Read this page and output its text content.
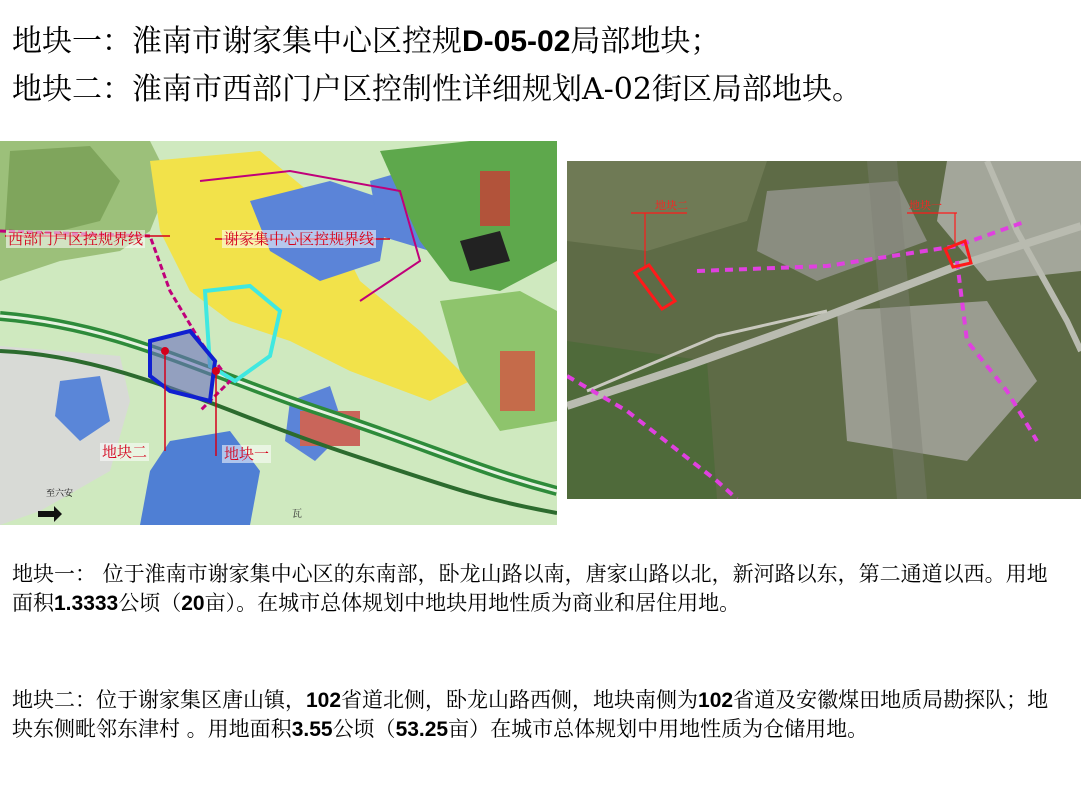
地块一：淮南市谢家集中心区控规D-05-02局部地块；
地块二：淮南市西部门户区控制性详细规划A-02街区局部地块。
西部门户区控规界线	谢家集中心区控规界线
地块二	地块一
至六安
瓦
地块二	地块一
地块一： 位于淮南市谢家集中心区的东南部，卧龙山路以南，唐家山路以北，新河路以东，第二通道以西。用地面积1.3333公顷（20亩）。在城市总体规划中地块用地性质为商业和居住用地。
地块二：位于谢家集区唐山镇，102省道北侧，卧龙山路西侧，地块南侧为102省道及安徽煤田地质局勘探队；地块东侧毗邻东津村 。用地面积3.55公顷（53.25亩）在城市总体规划中用地性质为仓储用地。
